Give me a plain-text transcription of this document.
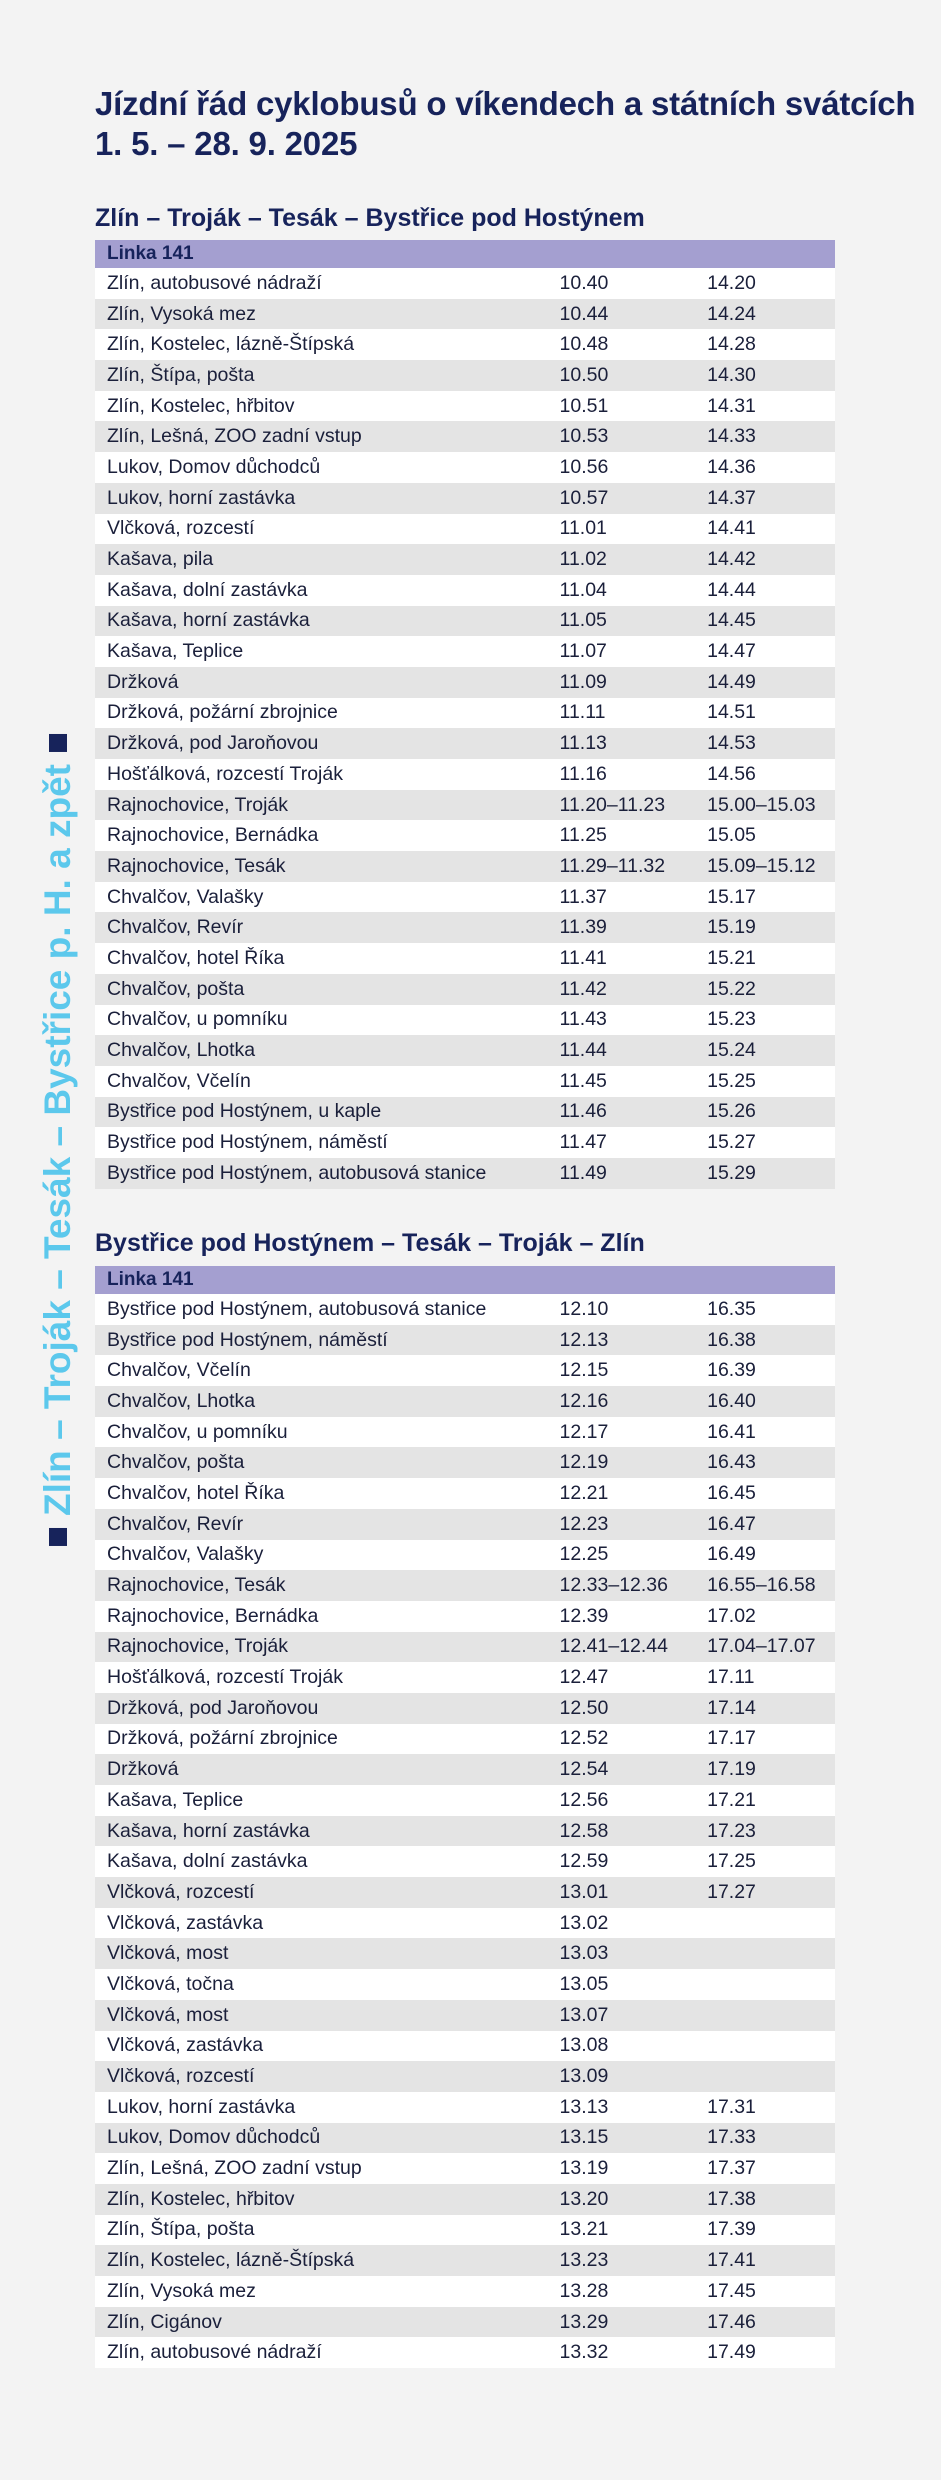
Jízdní řád cyklobusů o víkendech a státních svátcích
1. 5. – 28. 9. 2025
Zlín – Troják – Tesák – Bystřice p. H. a zpět
Zlín – Troják – Tesák – Bystřice pod Hostýnem
Linka 141
Zlín, autobusové nádraží	10.40	14.20
Zlín, Vysoká mez	10.44	14.24
Zlín, Kostelec, lázně-Štípská	10.48	14.28
Zlín, Štípa, pošta	10.50	14.30
Zlín, Kostelec, hřbitov	10.51	14.31
Zlín, Lešná, ZOO zadní vstup	10.53	14.33
Lukov, Domov důchodců	10.56	14.36
Lukov, horní zastávka	10.57	14.37
Vlčková, rozcestí	11.01	14.41
Kašava, pila	11.02	14.42
Kašava, dolní zastávka	11.04	14.44
Kašava, horní zastávka	11.05	14.45
Kašava, Teplice	11.07	14.47
Držková	11.09	14.49
Držková, požární zbrojnice	11.11	14.51
Držková, pod Jaroňovou	11.13	14.53
Hošťálková, rozcestí Troják	11.16	14.56
Rajnochovice, Troják	11.20–11.23	15.00–15.03
Rajnochovice, Bernádka	11.25	15.05
Rajnochovice, Tesák	11.29–11.32	15.09–15.12
Chvalčov, Valašky	11.37	15.17
Chvalčov, Revír	11.39	15.19
Chvalčov, hotel Říka	11.41	15.21
Chvalčov, pošta	11.42	15.22
Chvalčov, u pomníku	11.43	15.23
Chvalčov, Lhotka	11.44	15.24
Chvalčov, Včelín	11.45	15.25
Bystřice pod Hostýnem, u kaple	11.46	15.26
Bystřice pod Hostýnem, náměstí	11.47	15.27
Bystřice pod Hostýnem, autobusová stanice	11.49	15.29
Bystřice pod Hostýnem – Tesák – Troják – Zlín
Linka 141
Bystřice pod Hostýnem, autobusová stanice	12.10	16.35
Bystřice pod Hostýnem, náměstí	12.13	16.38
Chvalčov, Včelín	12.15	16.39
Chvalčov, Lhotka	12.16	16.40
Chvalčov, u pomníku	12.17	16.41
Chvalčov, pošta	12.19	16.43
Chvalčov, hotel Říka	12.21	16.45
Chvalčov, Revír	12.23	16.47
Chvalčov, Valašky	12.25	16.49
Rajnochovice, Tesák	12.33–12.36	16.55–16.58
Rajnochovice, Bernádka	12.39	17.02
Rajnochovice, Troják	12.41–12.44	17.04–17.07
Hošťálková, rozcestí Troják	12.47	17.11
Držková, pod Jaroňovou	12.50	17.14
Držková, požární zbrojnice	12.52	17.17
Držková	12.54	17.19
Kašava, Teplice	12.56	17.21
Kašava, horní zastávka	12.58	17.23
Kašava, dolní zastávka	12.59	17.25
Vlčková, rozcestí	13.01	17.27
Vlčková, zastávka	13.02
Vlčková, most	13.03
Vlčková, točna	13.05
Vlčková, most	13.07
Vlčková, zastávka	13.08
Vlčková, rozcestí	13.09
Lukov, horní zastávka	13.13	17.31
Lukov, Domov důchodců	13.15	17.33
Zlín, Lešná, ZOO zadní vstup	13.19	17.37
Zlín, Kostelec, hřbitov	13.20	17.38
Zlín, Štípa, pošta	13.21	17.39
Zlín, Kostelec, lázně-Štípská	13.23	17.41
Zlín, Vysoká mez	13.28	17.45
Zlín, Cigánov	13.29	17.46
Zlín, autobusové nádraží	13.32	17.49
